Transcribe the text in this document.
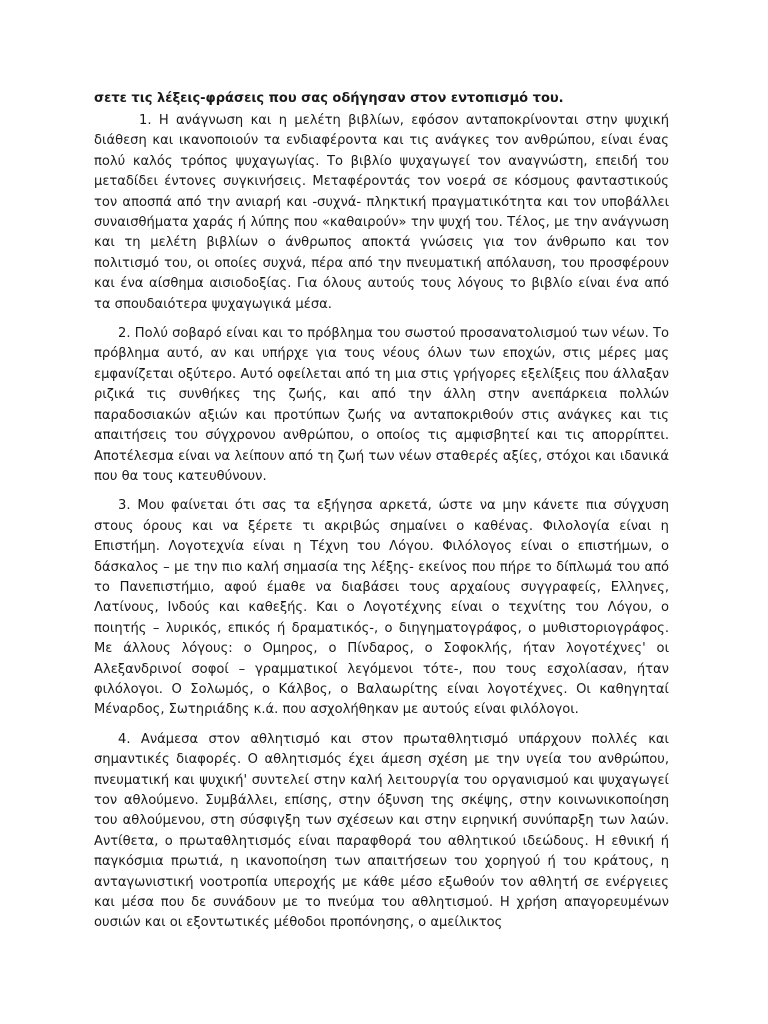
σετε τις λέξεις-φράσεις που σας οδήγησαν στον εντοπισμό του.

1. Η ανάγνωση και η μελέτη βιβλίων, εφόσον ανταποκρίνονται στην ψυχική διάθεση και ικανοποιούν τα ενδιαφέροντα και τις ανάγκες τον ανθρώπου, είναι ένας πολύ καλός τρόπος ψυχαγωγίας. Το βιβλίο ψυχαγωγεί τον αναγνώστη, επειδή του μεταδίδει έντονες συγκινήσεις. Μεταφέροντάς τον νοερά σε κόσμους φανταστικούς τον αποσπά από την ανιαρή και -συχνά- πληκτική πραγματικότητα και τον υποβάλλει συναισθήματα χαράς ή λύπης που «καθαιρούν» την ψυχή του. Τέλος, με την ανάγνωση και τη μελέτη βιβλίων ο άνθρωπος αποκτά γνώσεις για τον άνθρωπο και τον πολιτισμό του, οι οποίες συχνά, πέρα από την πνευματική απόλαυση, του προσφέρουν και ένα αίσθημα αισιοδοξίας. Για όλους αυτούς τους λόγους το βιβλίο είναι ένα από τα σπουδαιότερα ψυχαγωγικά μέσα.

2. Πολύ σοβαρό είναι και το πρόβλημα του σωστού προσανατολισμού των νέων. Το πρόβλημα αυτό, αν και υπήρχε για τους νέους όλων των εποχών, στις μέρες μας εμφανίζεται οξύτερο. Αυτό οφείλεται από τη μια στις γρήγορες εξελίξεις που άλλαξαν ριζικά τις συνθήκες της ζωής, και από την άλλη στην ανεπάρκεια πολλών παραδοσιακών αξιών και προτύπων ζωής να ανταποκριθούν στις ανάγκες και τις απαιτήσεις του σύγχρονου ανθρώπου, ο οποίος τις αμφισβητεί και τις απορρίπτει. Αποτέλεσμα είναι να λείπουν από τη ζωή των νέων σταθερές αξίες, στόχοι και ιδανικά που θα τους κατευθύνουν.

3. Μου φαίνεται ότι σας τα εξήγησα αρκετά, ώστε να μην κάνετε πια σύγχυση στους όρους και να ξέρετε τι ακριβώς σημαίνει ο καθένας. Φιλολογία είναι η Επιστήμη. Λογοτεχνία είναι η Τέχνη του Λόγου. Φιλόλογος είναι ο επιστήμων, ο δάσκαλος – με την πιο καλή σημασία της λέξης- εκείνος που πήρε το δίπλωμά του από το Πανεπιστήμιο, αφού έμαθε να διαβάσει τους αρχαίους συγγραφείς, Ελληνες, Λατίνους, Ινδούς και καθεξής. Και ο Λογοτέχνης είναι ο τεχνίτης του Λόγου, ο ποιητής – λυρικός, επικός ή δραματικός-, ο διηγηματογράφος, ο μυθιστοριογράφος. Με άλλους λόγους: ο Ομηρος, ο Πίνδαρος, ο Σοφοκλής, ήταν λογοτέχνες' οι Αλεξανδρινοί σοφοί – γραμματικοί λεγόμενοι τότε-, που τους εσχολίασαν, ήταν φιλόλογοι. Ο Σολωμός, ο Κάλβος, ο Βαλαωρίτης είναι λογοτέχνες. Οι καθηγηταί Μέναρδος, Σωτηριάδης κ.ά. που ασχολήθηκαν με αυτούς είναι φιλόλογοι.

4. Ανάμεσα στον αθλητισμό και στον πρωταθλητισμό υπάρχουν πολλές και σημαντικές διαφορές. Ο αθλητισμός έχει άμεση σχέση με την υγεία του ανθρώπου, πνευματική και ψυχική' συντελεί στην καλή λειτουργία του οργανισμού και ψυχαγωγεί τον αθλούμενο. Συμβάλλει, επίσης, στην όξυνση της σκέψης, στην κοινωνικοποίηση του αθλούμενου, στη σύσφιγξη των σχέσεων και στην ειρηνική συνύπαρξη των λαών. Αντίθετα, ο πρωταθλητισμός είναι παραφθορά του αθλητικού ιδεώδους. Η εθνική ή παγκόσμια πρωτιά, η ικανοποίηση των απαιτήσεων του χορηγού ή του κράτους, η ανταγωνιστική νοοτροπία υπεροχής με κάθε μέσο εξωθούν τον αθλητή σε ενέργειες και μέσα που δε συνάδουν με το πνεύμα του αθλητισμού. Η χρήση απαγορευμένων ουσιών και οι εξοντωτικές μέθοδοι προπόνησης, ο αμείλικτος
